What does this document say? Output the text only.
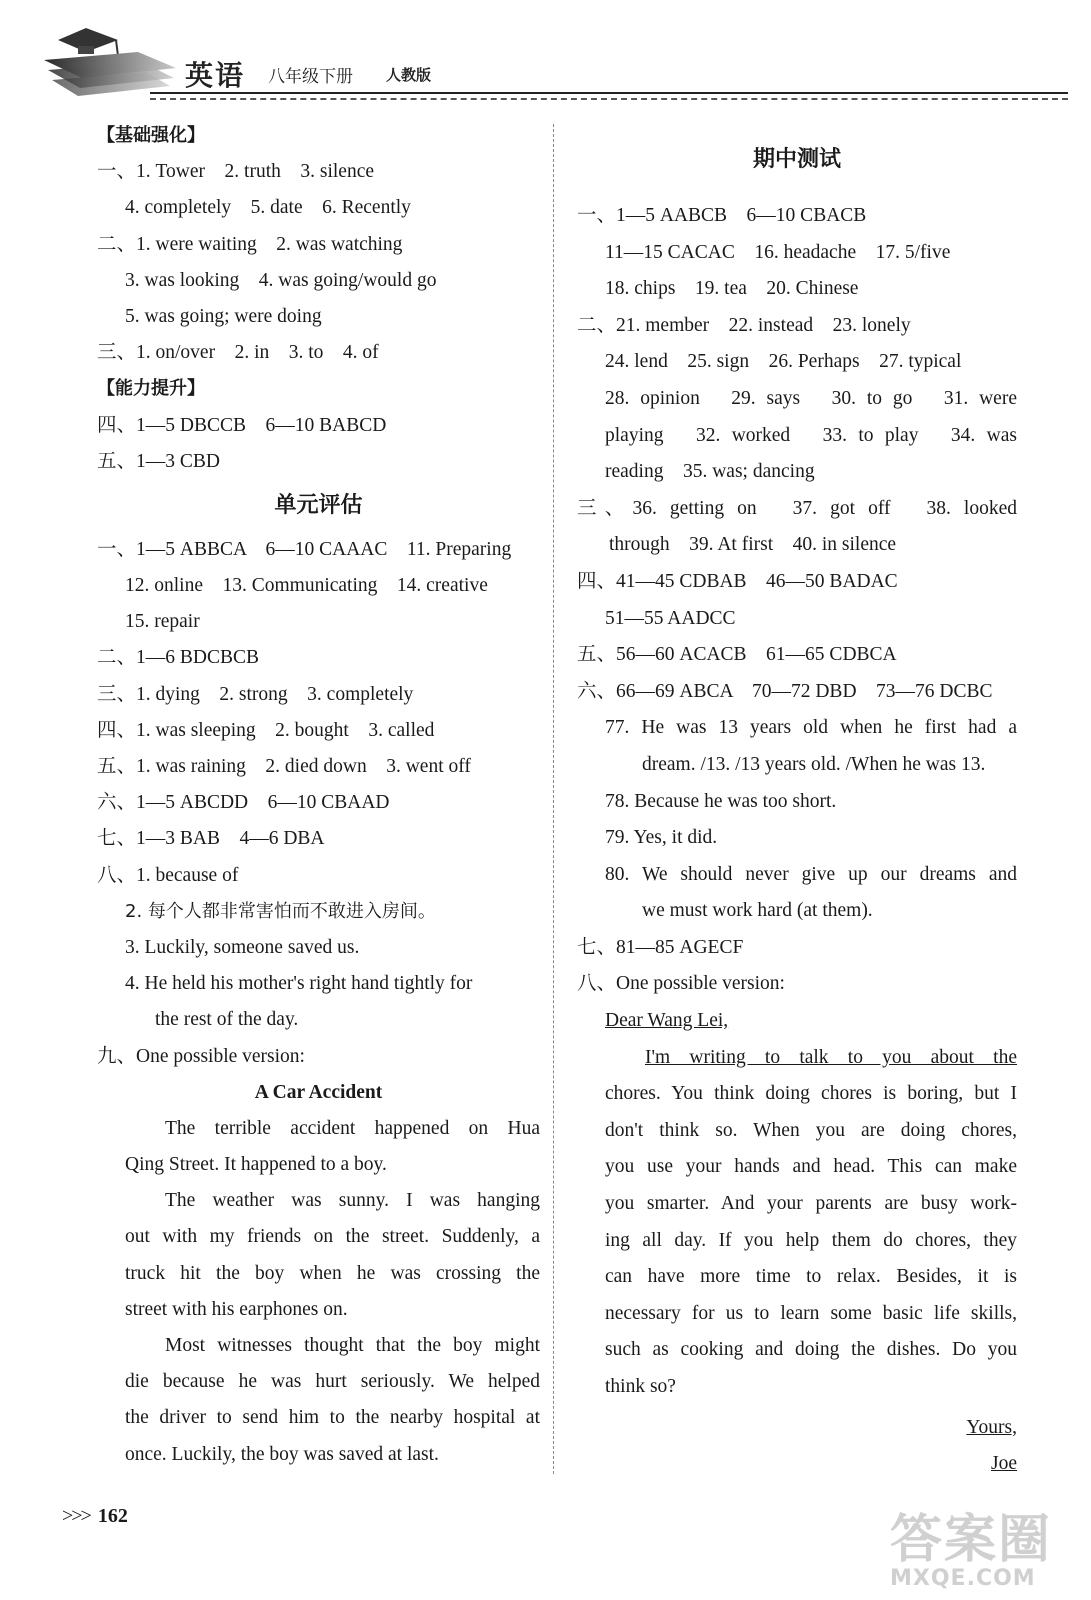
英语 八年级下册 人教版
【基础强化】
一、1. Tower　2. truth　3. silence
4. completely　5. date　6. Recently
二、1. were waiting　2. was watching
3. was looking　4. was going/would go
5. was going; were doing
三、1. on/over　2. in　3. to　4. of
【能力提升】
四、1—5 DBCCB　6—10 BABCD
五、1—3 CBD
单元评估
一、1—5 ABBCA　6—10 CAAAC　11. Preparing
12. online　13. Communicating　14. creative
15. repair
二、1—6 BDCBCB
三、1. dying　2. strong　3. completely
四、1. was sleeping　2. bought　3. called
五、1. was raining　2. died down　3. went off
六、1—5 ABCDD　6—10 CBAAD
七、1—3 BAB　4—6 DBA
八、1. because of
2. 每个人都非常害怕而不敢进入房间。
3. Luckily, someone saved us.
4. He held his mother's right hand tightly for
the rest of the day.
九、One possible version:
A Car Accident
The terrible accident happened on Hua
Qing Street. It happened to a boy.
The weather was sunny. I was hanging
out with my friends on the street. Suddenly, a
truck hit the boy when he was crossing the
street with his earphones on.
Most witnesses thought that the boy might
die because he was hurt seriously. We helped
the driver to send him to the nearby hospital at
once. Luckily, the boy was saved at last.
期中测试
一、1—5 AABCB　6—10 CBACB
11—15 CACAC　16. headache　17. 5/five
18. chips　19. tea　20. Chinese
二、21. member　22. instead　23. lonely
24. lend　25. sign　26. Perhaps　27. typical
28. opinion　29. says　30. to go　31. were
playing　32. worked　33. to play　34. was
reading　35. was; dancing
三、36. getting on　37. got off　38. looked
through　39. At first　40. in silence
四、41—45 CDBAB　46—50 BADAC
51—55 AADCC
五、56—60 ACACB　61—65 CDBCA
六、66—69 ABCA　70—72 DBD　73—76 DCBC
77. He was 13 years old when he first had a
dream. /13. /13 years old. /When he was 13.
78. Because he was too short.
79. Yes, it did.
80. We should never give up our dreams and
we must work hard (at them).
七、81—85 AGECF
八、One possible version:
Dear Wang Lei,
I'm writing to talk to you about the
chores. You think doing chores is boring, but I
don't think so. When you are doing chores,
you use your hands and head. This can make
you smarter. And your parents are busy work-
ing all day. If you help them do chores, they
can have more time to relax. Besides, it is
necessary for us to learn some basic life skills,
such as cooking and doing the dishes. Do you
think so?
Yours,
Joe
>>> 162	答案圈
MXQE.COM
